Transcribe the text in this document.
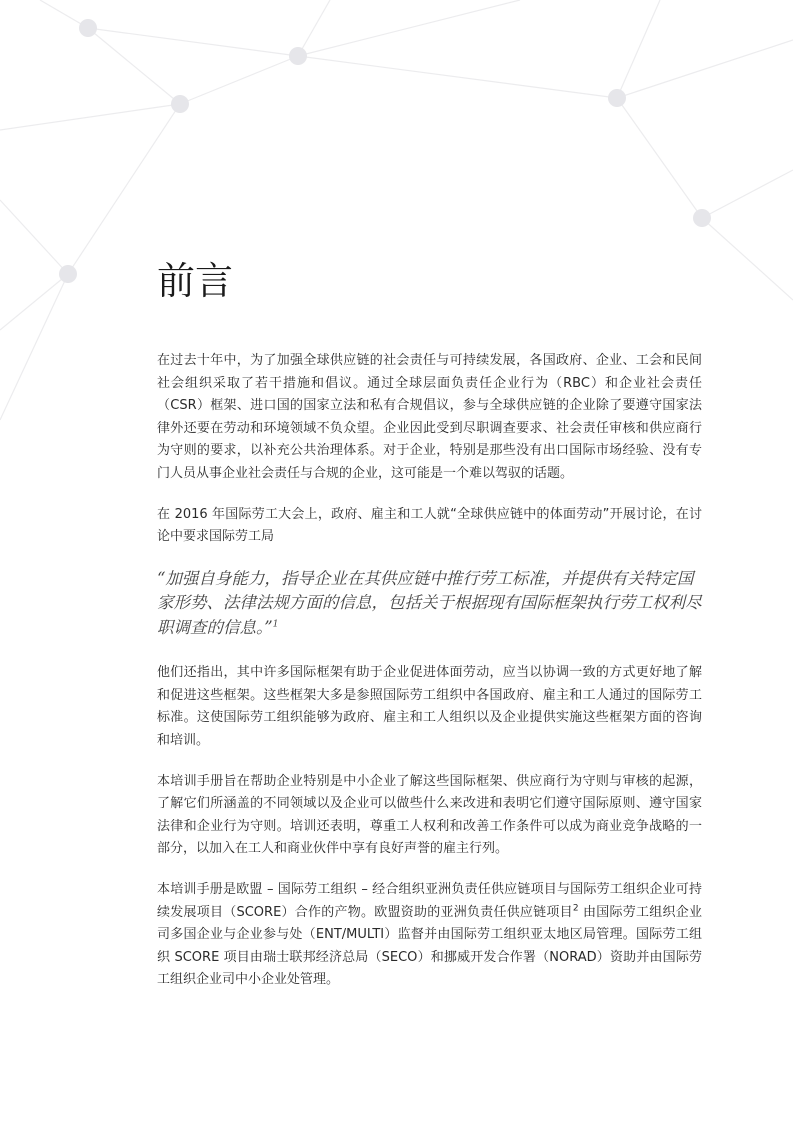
前言

在过去十年中，为了加强全球供应链的社会责任与可持续发展，各国政府、企业、工会和民间社会组织采取了若干措施和倡议。通过全球层面负责任企业行为（RBC）和企业社会责任（CSR）框架、进口国的国家立法和私有合规倡议，参与全球供应链的企业除了要遵守国家法律外还要在劳动和环境领域不负众望。企业因此受到尽职调查要求、社会责任审核和供应商行为守则的要求，以补充公共治理体系。对于企业，特别是那些没有出口国际市场经验、没有专门人员从事企业社会责任与合规的企业，这可能是一个难以驾驭的话题。

在 2016 年国际劳工大会上，政府、雇主和工人就“全球供应链中的体面劳动”开展讨论，在讨论中要求国际劳工局

“加强自身能力，指导企业在其供应链中推行劳工标准，并提供有关特定国家形势、法律法规方面的信息，包括关于根据现有国际框架执行劳工权利尽职调查的信息。”$^1$

他们还指出，其中许多国际框架有助于企业促进体面劳动，应当以协调一致的方式更好地了解和促进这些框架。这些框架大多是参照国际劳工组织中各国政府、雇主和工人通过的国际劳工标准。这使国际劳工组织能够为政府、雇主和工人组织以及企业提供实施这些框架方面的咨询和培训。

本培训手册旨在帮助企业特别是中小企业了解这些国际框架、供应商行为守则与审核的起源，了解它们所涵盖的不同领域以及企业可以做些什么来改进和表明它们遵守国际原则、遵守国家法律和企业行为守则。培训还表明，尊重工人权利和改善工作条件可以成为商业竞争战略的一部分，以加入在工人和商业伙伴中享有良好声誉的雇主行列。

本培训手册是欧盟 – 国际劳工组织 – 经合组织亚洲负责任供应链项目与国际劳工组织企业可持续发展项目（SCORE）合作的产物。欧盟资助的亚洲负责任供应链项目$^2$ 由国际劳工组织企业司多国企业与企业参与处（ENT/MULTI）监督并由国际劳工组织亚太地区局管理。国际劳工组织 SCORE 项目由瑞士联邦经济总局（SECO）和挪威开发合作署（NORAD）资助并由国际劳工组织企业司中小企业处管理。
